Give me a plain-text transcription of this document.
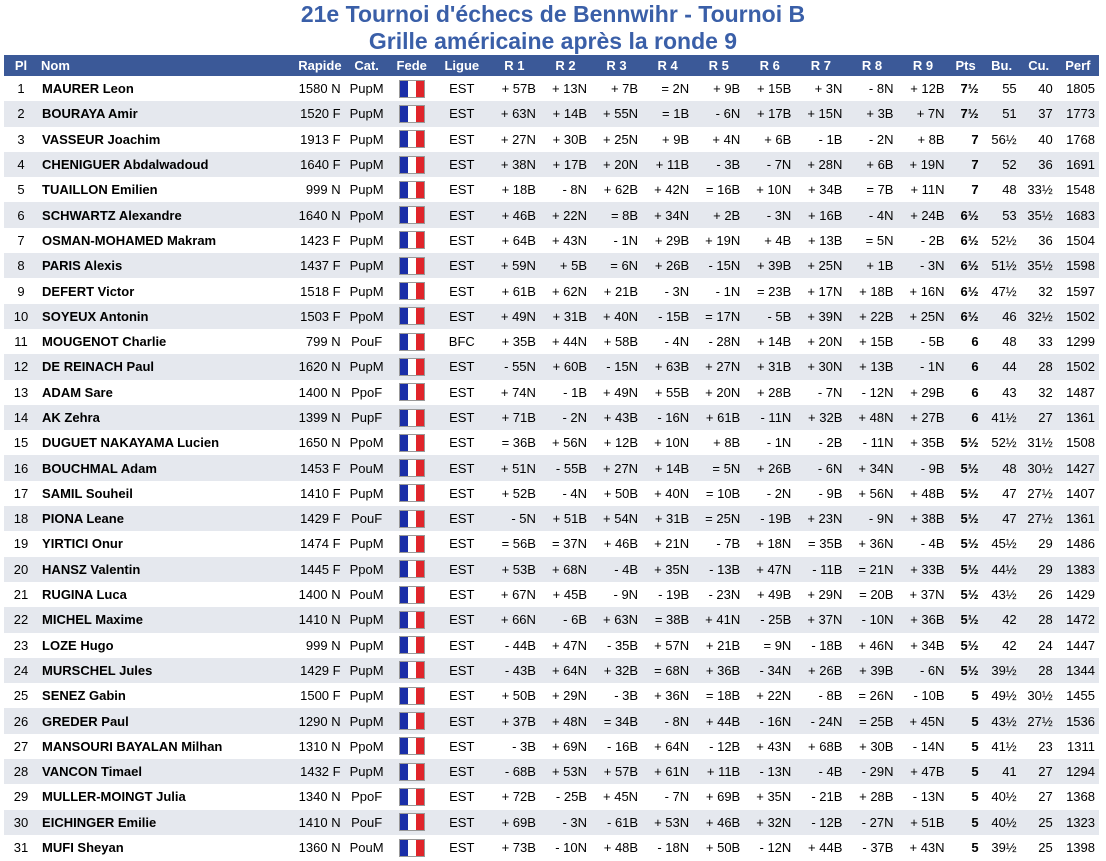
21e Tournoi d'échecs de Bennwihr - Tournoi B
Grille américaine après la ronde 9
Pl	Nom	Rapide	Cat.	Fede	Ligue	R 1	R 2	R 3	R 4	R 5	R 6	R 7	R 8	R 9	Pts	Bu.	Cu.	Perf
1	MAURER Leon	1580 N	PupM		EST	+ 57B	+ 13N	+ 7B	= 2N	+ 9B	+ 15B	+ 3N	- 8N	+ 12B	7½	55	40	1805
2	BOURAYA Amir	1520 F	PupM		EST	+ 63N	+ 14B	+ 55N	= 1B	- 6N	+ 17B	+ 15N	+ 3B	+ 7N	7½	51	37	1773
3	VASSEUR Joachim	1913 F	PupM		EST	+ 27N	+ 30B	+ 25N	+ 9B	+ 4N	+ 6B	- 1B	- 2N	+ 8B	7	56½	40	1768
4	CHENIGUER Abdalwadoud	1640 F	PupM		EST	+ 38N	+ 17B	+ 20N	+ 11B	- 3B	- 7N	+ 28N	+ 6B	+ 19N	7	52	36	1691
5	TUAILLON Emilien	999 N	PupM		EST	+ 18B	- 8N	+ 62B	+ 42N	= 16B	+ 10N	+ 34B	= 7B	+ 11N	7	48	33½	1548
6	SCHWARTZ Alexandre	1640 N	PpoM		EST	+ 46B	+ 22N	= 8B	+ 34N	+ 2B	- 3N	+ 16B	- 4N	+ 24B	6½	53	35½	1683
7	OSMAN-MOHAMED Makram	1423 F	PupM		EST	+ 64B	+ 43N	- 1N	+ 29B	+ 19N	+ 4B	+ 13B	= 5N	- 2B	6½	52½	36	1504
8	PARIS Alexis	1437 F	PupM		EST	+ 59N	+ 5B	= 6N	+ 26B	- 15N	+ 39B	+ 25N	+ 1B	- 3N	6½	51½	35½	1598
9	DEFERT Victor	1518 F	PupM		EST	+ 61B	+ 62N	+ 21B	- 3N	- 1N	= 23B	+ 17N	+ 18B	+ 16N	6½	47½	32	1597
10	SOYEUX Antonin	1503 F	PpoM		EST	+ 49N	+ 31B	+ 40N	- 15B	= 17N	- 5B	+ 39N	+ 22B	+ 25N	6½	46	32½	1502
11	MOUGENOT Charlie	799 N	PouF		BFC	+ 35B	+ 44N	+ 58B	- 4N	- 28N	+ 14B	+ 20N	+ 15B	- 5B	6	48	33	1299
12	DE REINACH Paul	1620 N	PupM		EST	- 55N	+ 60B	- 15N	+ 63B	+ 27N	+ 31B	+ 30N	+ 13B	- 1N	6	44	28	1502
13	ADAM Sare	1400 N	PpoF		EST	+ 74N	- 1B	+ 49N	+ 55B	+ 20N	+ 28B	- 7N	- 12N	+ 29B	6	43	32	1487
14	AK Zehra	1399 N	PupF		EST	+ 71B	- 2N	+ 43B	- 16N	+ 61B	- 11N	+ 32B	+ 48N	+ 27B	6	41½	27	1361
15	DUGUET NAKAYAMA Lucien	1650 N	PpoM		EST	= 36B	+ 56N	+ 12B	+ 10N	+ 8B	- 1N	- 2B	- 11N	+ 35B	5½	52½	31½	1508
16	BOUCHMAL Adam	1453 F	PouM		EST	+ 51N	- 55B	+ 27N	+ 14B	= 5N	+ 26B	- 6N	+ 34N	- 9B	5½	48	30½	1427
17	SAMIL Souheil	1410 F	PupM		EST	+ 52B	- 4N	+ 50B	+ 40N	= 10B	- 2N	- 9B	+ 56N	+ 48B	5½	47	27½	1407
18	PIONA Leane	1429 F	PouF		EST	- 5N	+ 51B	+ 54N	+ 31B	= 25N	- 19B	+ 23N	- 9N	+ 38B	5½	47	27½	1361
19	YIRTICI Onur	1474 F	PupM		EST	= 56B	= 37N	+ 46B	+ 21N	- 7B	+ 18N	= 35B	+ 36N	- 4B	5½	45½	29	1486
20	HANSZ Valentin	1445 F	PpoM		EST	+ 53B	+ 68N	- 4B	+ 35N	- 13B	+ 47N	- 11B	= 21N	+ 33B	5½	44½	29	1383
21	RUGINA Luca	1400 N	PouM		EST	+ 67N	+ 45B	- 9N	- 19B	- 23N	+ 49B	+ 29N	= 20B	+ 37N	5½	43½	26	1429
22	MICHEL Maxime	1410 N	PupM		EST	+ 66N	- 6B	+ 63N	= 38B	+ 41N	- 25B	+ 37N	- 10N	+ 36B	5½	42	28	1472
23	LOZE Hugo	999 N	PupM		EST	- 44B	+ 47N	- 35B	+ 57N	+ 21B	= 9N	- 18B	+ 46N	+ 34B	5½	42	24	1447
24	MURSCHEL Jules	1429 F	PupM		EST	- 43B	+ 64N	+ 32B	= 68N	+ 36B	- 34N	+ 26B	+ 39B	- 6N	5½	39½	28	1344
25	SENEZ Gabin	1500 F	PupM		EST	+ 50B	+ 29N	- 3B	+ 36N	= 18B	+ 22N	- 8B	= 26N	- 10B	5	49½	30½	1455
26	GREDER Paul	1290 N	PupM		EST	+ 37B	+ 48N	= 34B	- 8N	+ 44B	- 16N	- 24N	= 25B	+ 45N	5	43½	27½	1536
27	MANSOURI BAYALAN Milhan	1310 N	PpoM		EST	- 3B	+ 69N	- 16B	+ 64N	- 12B	+ 43N	+ 68B	+ 30B	- 14N	5	41½	23	1311
28	VANCON Timael	1432 F	PupM		EST	- 68B	+ 53N	+ 57B	+ 61N	+ 11B	- 13N	- 4B	- 29N	+ 47B	5	41	27	1294
29	MULLER-MOINGT Julia	1340 N	PpoF		EST	+ 72B	- 25B	+ 45N	- 7N	+ 69B	+ 35N	- 21B	+ 28B	- 13N	5	40½	27	1368
30	EICHINGER Emilie	1410 N	PouF		EST	+ 69B	- 3N	- 61B	+ 53N	+ 46B	+ 32N	- 12B	- 27N	+ 51B	5	40½	25	1323
31	MUFI Sheyan	1360 N	PouM		EST	+ 73B	- 10N	+ 48B	- 18N	+ 50B	- 12N	+ 44B	- 37B	+ 43N	5	39½	25	1398
